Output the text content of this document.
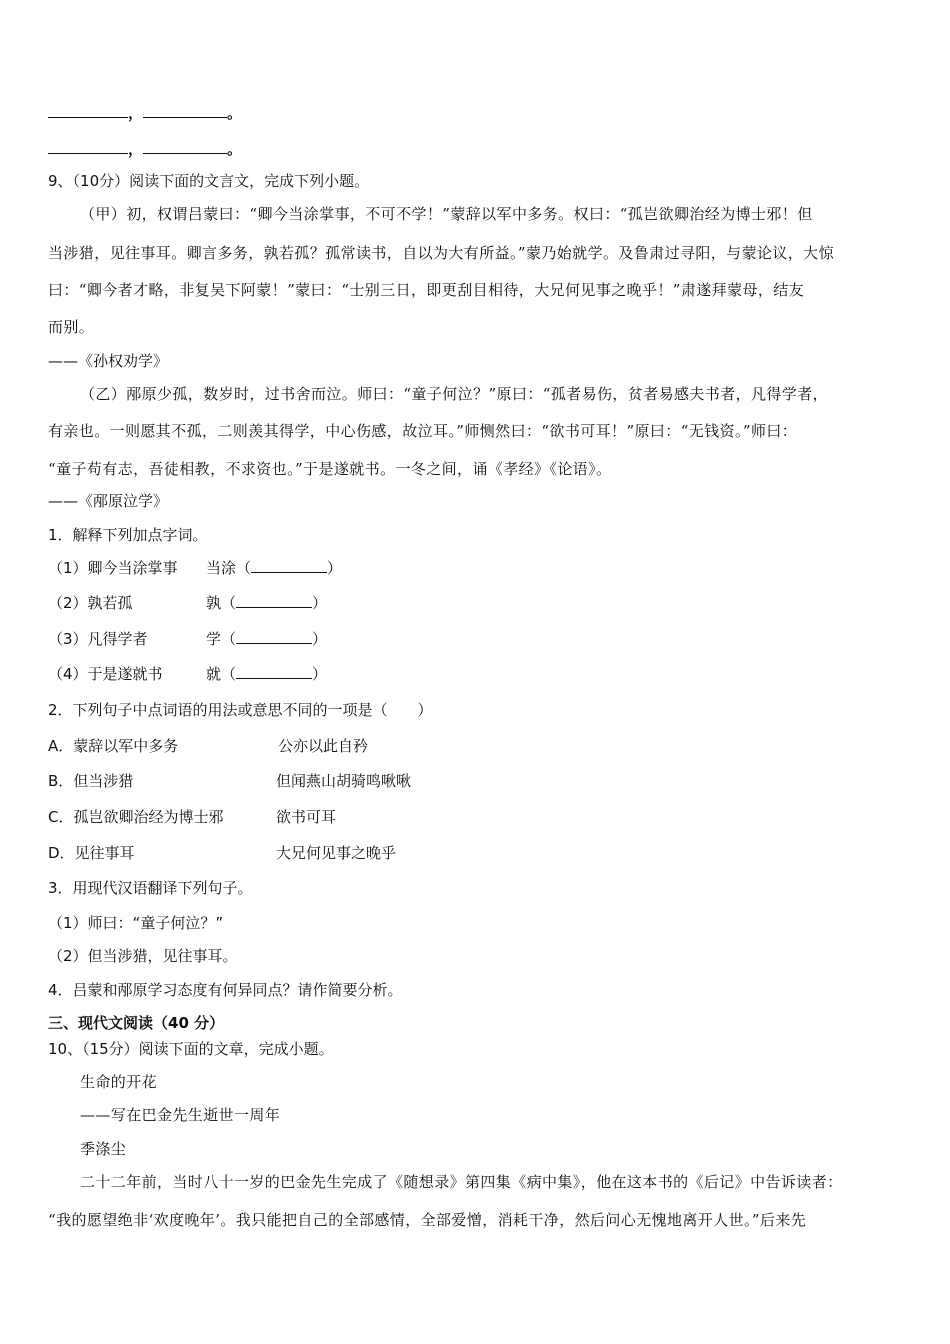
，	。
，	。
9、（10分）阅读下面的文言文，完成下列小题。
（甲）初，权谓吕蒙曰：“卿今当涂掌事，不可不学！”蒙辞以军中多务。权曰：“孤岂欲卿治经为博士邪！但
当涉猎，见往事耳。卿言多务，孰若孤？孤常读书，自以为大有所益。”蒙乃始就学。及鲁肃过寻阳，与蒙论议，大惊
曰：“卿今者才略，非复吴下阿蒙！”蒙曰：“士别三日，即更刮目相待，大兄何见事之晚乎！”肃遂拜蒙母，结友
而别。
——《孙权劝学》
（乙）邴原少孤，数岁时，过书舍而泣。师曰：“童子何泣？”原曰：“孤者易伤，贫者易感夫书者，凡得学者，
有亲也。一则愿其不孤，二则羡其得学，中心伤感，故泣耳。”师恻然曰：“欲书可耳！”原曰：“无钱资。”师曰：
“童子苟有志，吾徒相教，不求资也。”于是遂就书。一冬之间，诵《孝经》《论语》。
——《邴原泣学》
1．解释下列加点字词。
（1）卿今当涂掌事 当涂（	）
（2）孰若孤	孰（	）
（3）凡得学者	学（	）
（4）于是遂就书	就（	）
2．下列句子中点词语的用法或意思不同的一项是（　　）
A．蒙辞以军中多务	公亦以此自矜
B．但当涉猎	但闻燕山胡骑鸣啾啾
C．孤岂欲卿治经为博士邪	欲书可耳
D．见往事耳	大兄何见事之晚乎
3．用现代汉语翻译下列句子。
（1）师曰：“童子何泣？”
（2）但当涉猎，见往事耳。
4．吕蒙和邴原学习态度有何异同点？请作简要分析。
三、现代文阅读（40 分）
10、（15分）阅读下面的文章，完成小题。
生命的开花
——写在巴金先生逝世一周年
季涤尘
二十二年前，当时八十一岁的巴金先生完成了《随想录》第四集《病中集》，他在这本书的《后记》中告诉读者：
“我的愿望绝非‘欢度晚年’。我只能把自己的全部感情，全部爱憎，消耗干净，然后问心无愧地离开人世。”后来先
